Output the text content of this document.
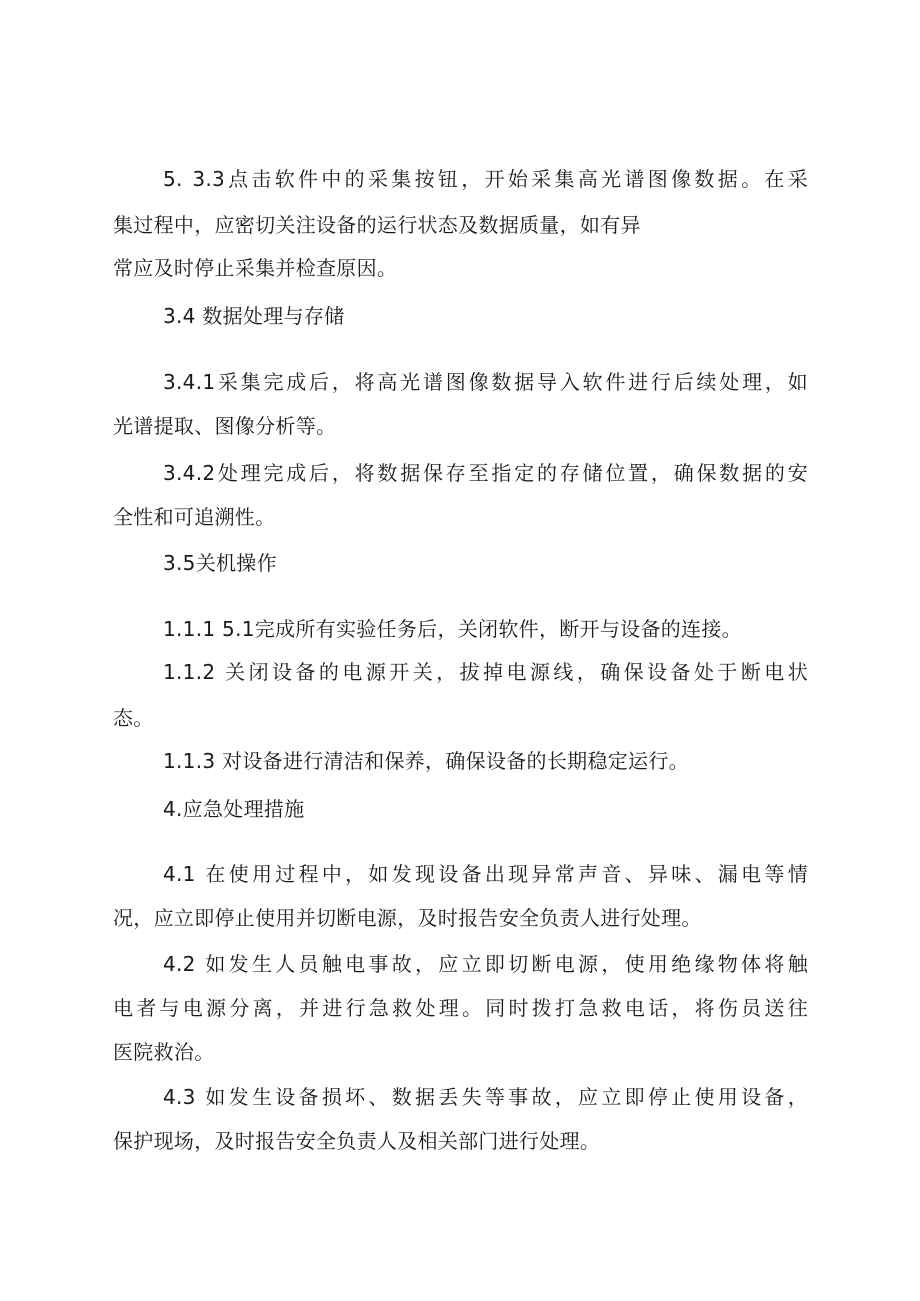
5. 3.3点击软件中的采集按钮，开始采集高光谱图像数据。在采
集过程中，应密切关注设备的运行状态及数据质量，如有异
常应及时停止采集并检查原因。
3.4 数据处理与存储
3.4.1采集完成后，将高光谱图像数据导入软件进行后续处理，如
光谱提取、图像分析等。
3.4.2处理完成后，将数据保存至指定的存储位置，确保数据的安
全性和可追溯性。
3.5关机操作
1.1.1 5.1完成所有实验任务后，关闭软件，断开与设备的连接。
1.1.2 关闭设备的电源开关，拔掉电源线，确保设备处于断电状
态。
1.1.3 对设备进行清洁和保养，确保设备的长期稳定运行。
4.应急处理措施
4.1 在使用过程中，如发现设备出现异常声音、异味、漏电等情
况，应立即停止使用并切断电源，及时报告安全负责人进行处理。
4.2 如发生人员触电事故，应立即切断电源，使用绝缘物体将触
电者与电源分离，并进行急救处理。同时拨打急救电话，将伤员送往
医院救治。
4.3 如发生设备损坏、数据丢失等事故，应立即停止使用设备，
保护现场，及时报告安全负责人及相关部门进行处理。
